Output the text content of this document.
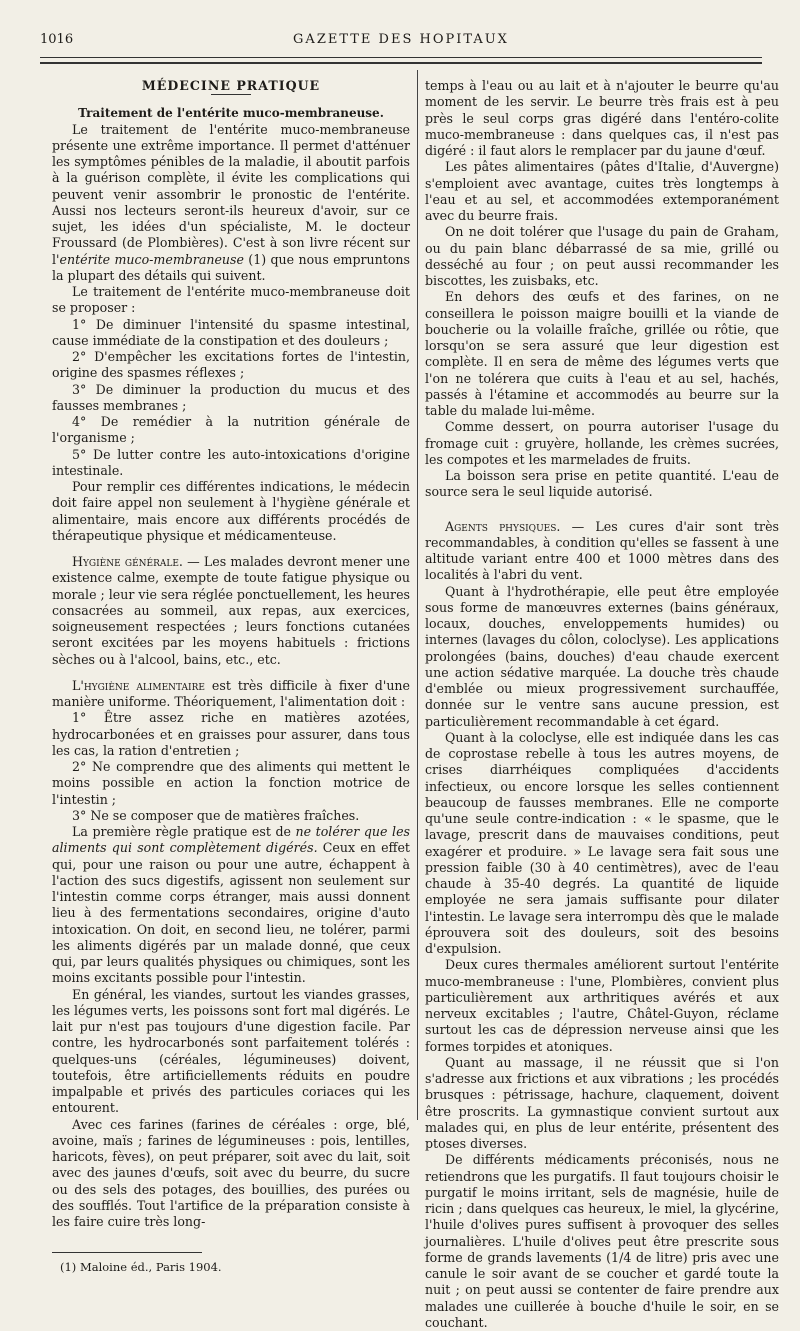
1016	GAZETTE DES HOPITAUX

MÉDECINE PRATIQUE

Traitement de l'entérite muco-membraneuse.

Le traitement de l'entérite muco-membraneuse présente une extrême importance. Il permet d'atténuer les symptômes pénibles de la maladie, il aboutit parfois à la guérison complète, il évite les complications qui peuvent venir assombrir le pronostic de l'entérite. Aussi nos lecteurs seront-ils heureux d'avoir, sur ce sujet, les idées d'un spécialiste, M. le docteur Froussard (de Plombières). C'est à son livre récent sur l'entérite muco-membraneuse (1) que nous empruntons la plupart des détails qui suivent.

Le traitement de l'entérite muco-membraneuse doit se proposer :

1° De diminuer l'intensité du spasme intestinal, cause immédiate de la constipation et des douleurs ;

2° D'empêcher les excitations fortes de l'intestin, origine des spasmes réflexes ;

3° De diminuer la production du mucus et des fausses membranes ;

4° De remédier à la nutrition générale de l'organisme ;

5° De lutter contre les auto-intoxications d'origine intestinale.

Pour remplir ces différentes indications, le médecin doit faire appel non seulement à l'hygiène générale et alimentaire, mais encore aux différents procédés de thérapeutique physique et médicamenteuse.

Hygiène générale. — Les malades devront mener une existence calme, exempte de toute fatigue physique ou morale ; leur vie sera réglée ponctuellement, les heures consacrées au sommeil, aux repas, aux exercices, soigneusement respectées ; leurs fonctions cutanées seront excitées par les moyens habituels : frictions sèches ou à l'alcool, bains, etc., etc.

L'hygiène alimentaire est très difficile à fixer d'une manière uniforme. Théoriquement, l'alimentation doit :

1° Être assez riche en matières azotées, hydrocarbonées et en graisses pour assurer, dans tous les cas, la ration d'entretien ;

2° Ne comprendre que des aliments qui mettent le moins possible en action la fonction motrice de l'intestin ;

3° Ne se composer que de matières fraîches.

La première règle pratique est de ne tolérer que les aliments qui sont complètement digérés. Ceux en effet qui, pour une raison ou pour une autre, échappent à l'action des sucs digestifs, agissent non seulement sur l'intestin comme corps étranger, mais aussi donnent lieu à des fermentations secondaires, origine d'auto intoxication. On doit, en second lieu, ne tolérer, parmi les aliments digérés par un malade donné, que ceux qui, par leurs qualités physiques ou chimiques, sont les moins excitants possible pour l'intestin.

En général, les viandes, surtout les viandes grasses, les légumes verts, les poissons sont fort mal digérés. Le lait pur n'est pas toujours d'une digestion facile. Par contre, les hydrocarbonés sont parfaitement tolérés : quelques-uns (céréales, légumineuses) doivent, toutefois, être artificiellements réduits en poudre impalpable et privés des particules coriaces qui les entourent.

Avec ces farines (farines de céréales : orge, blé, avoine, maïs ; farines de légumineuses : pois, lentilles, haricots, fèves), on peut préparer, soit avec du lait, soit avec des jaunes d'œufs, soit avec du beurre, du sucre ou des sels des potages, des bouillies, des purées ou des soufflés. Tout l'artifice de la préparation consiste à les faire cuire très long-

(1) Maloine éd., Paris 1904.

temps à l'eau ou au lait et à n'ajouter le beurre qu'au moment de les servir. Le beurre très frais est à peu près le seul corps gras digéré dans l'entéro-colite muco-membraneuse : dans quelques cas, il n'est pas digéré : il faut alors le remplacer par du jaune d'œuf.

Les pâtes alimentaires (pâtes d'Italie, d'Auvergne) s'emploient avec avantage, cuites très longtemps à l'eau et au sel, et accommodées extemporanément avec du beurre frais.

On ne doit tolérer que l'usage du pain de Graham, ou du pain blanc débarrassé de sa mie, grillé ou desséché au four ; on peut aussi recommander les biscottes, les zuisbaks, etc.

En dehors des œufs et des farines, on ne conseillera le poisson maigre bouilli et la viande de boucherie ou la volaille fraîche, grillée ou rôtie, que lorsqu'on se sera assuré que leur digestion est complète. Il en sera de même des légumes verts que l'on ne tolérera que cuits à l'eau et au sel, hachés, passés à l'étamine et accommodés au beurre sur la table du malade lui-même.

Comme dessert, on pourra autoriser l'usage du fromage cuit : gruyère, hollande, les crèmes sucrées, les compotes et les marmelades de fruits.

La boisson sera prise en petite quantité. L'eau de source sera le seul liquide autorisé.

Agents physiques. — Les cures d'air sont très recommandables, à condition qu'elles se fassent à une altitude variant entre 400 et 1000 mètres dans des localités à l'abri du vent.

Quant à l'hydrothérapie, elle peut être employée sous forme de manœuvres externes (bains généraux, locaux, douches, enveloppements humides) ou internes (lavages du côlon, coloclyse). Les applications prolongées (bains, douches) d'eau chaude exercent une action sédative marquée. La douche très chaude d'emblée ou mieux progressivement surchauffée, donnée sur le ventre sans aucune pression, est particulièrement recommandable à cet égard.

Quant à la coloclyse, elle est indiquée dans les cas de coprostase rebelle à tous les autres moyens, de crises diarrhéiques compliquées d'accidents infectieux, ou encore lorsque les selles contiennent beaucoup de fausses membranes. Elle ne comporte qu'une seule contre-indication : « le spasme, que le lavage, prescrit dans de mauvaises conditions, peut exagérer et produire. » Le lavage sera fait sous une pression faible (30 à 40 centimètres), avec de l'eau chaude à 35-40 degrés. La quantité de liquide employée ne sera jamais suffisante pour dilater l'intestin. Le lavage sera interrompu dès que le malade éprouvera soit des douleurs, soit des besoins d'expulsion.

Deux cures thermales améliorent surtout l'entérite muco-membraneuse : l'une, Plombières, convient plus particulièrement aux arthritiques avérés et aux nerveux excitables ; l'autre, Châtel-Guyon, réclame surtout les cas de dépression nerveuse ainsi que les formes torpides et atoniques.

Quant au massage, il ne réussit que si l'on s'adresse aux frictions et aux vibrations ; les procédés brusques : pétrissage, hachure, claquement, doivent être proscrits. La gymnastique convient surtout aux malades qui, en plus de leur entérite, présentent des ptoses diverses.

De différents médicaments préconisés, nous ne retiendrons que les purgatifs. Il faut toujours choisir le purgatif le moins irritant, sels de magnésie, huile de ricin ; dans quelques cas heureux, le miel, la glycérine, l'huile d'olives pures suffisent à provoquer des selles journalières. L'huile d'olives peut être prescrite sous forme de grands lavements (1/4 de litre) pris avec une canule le soir avant de se coucher et gardé toute la nuit ; on peut aussi se contenter de faire prendre aux malades une cuillerée à bouche d'huile le soir, en se couchant.
